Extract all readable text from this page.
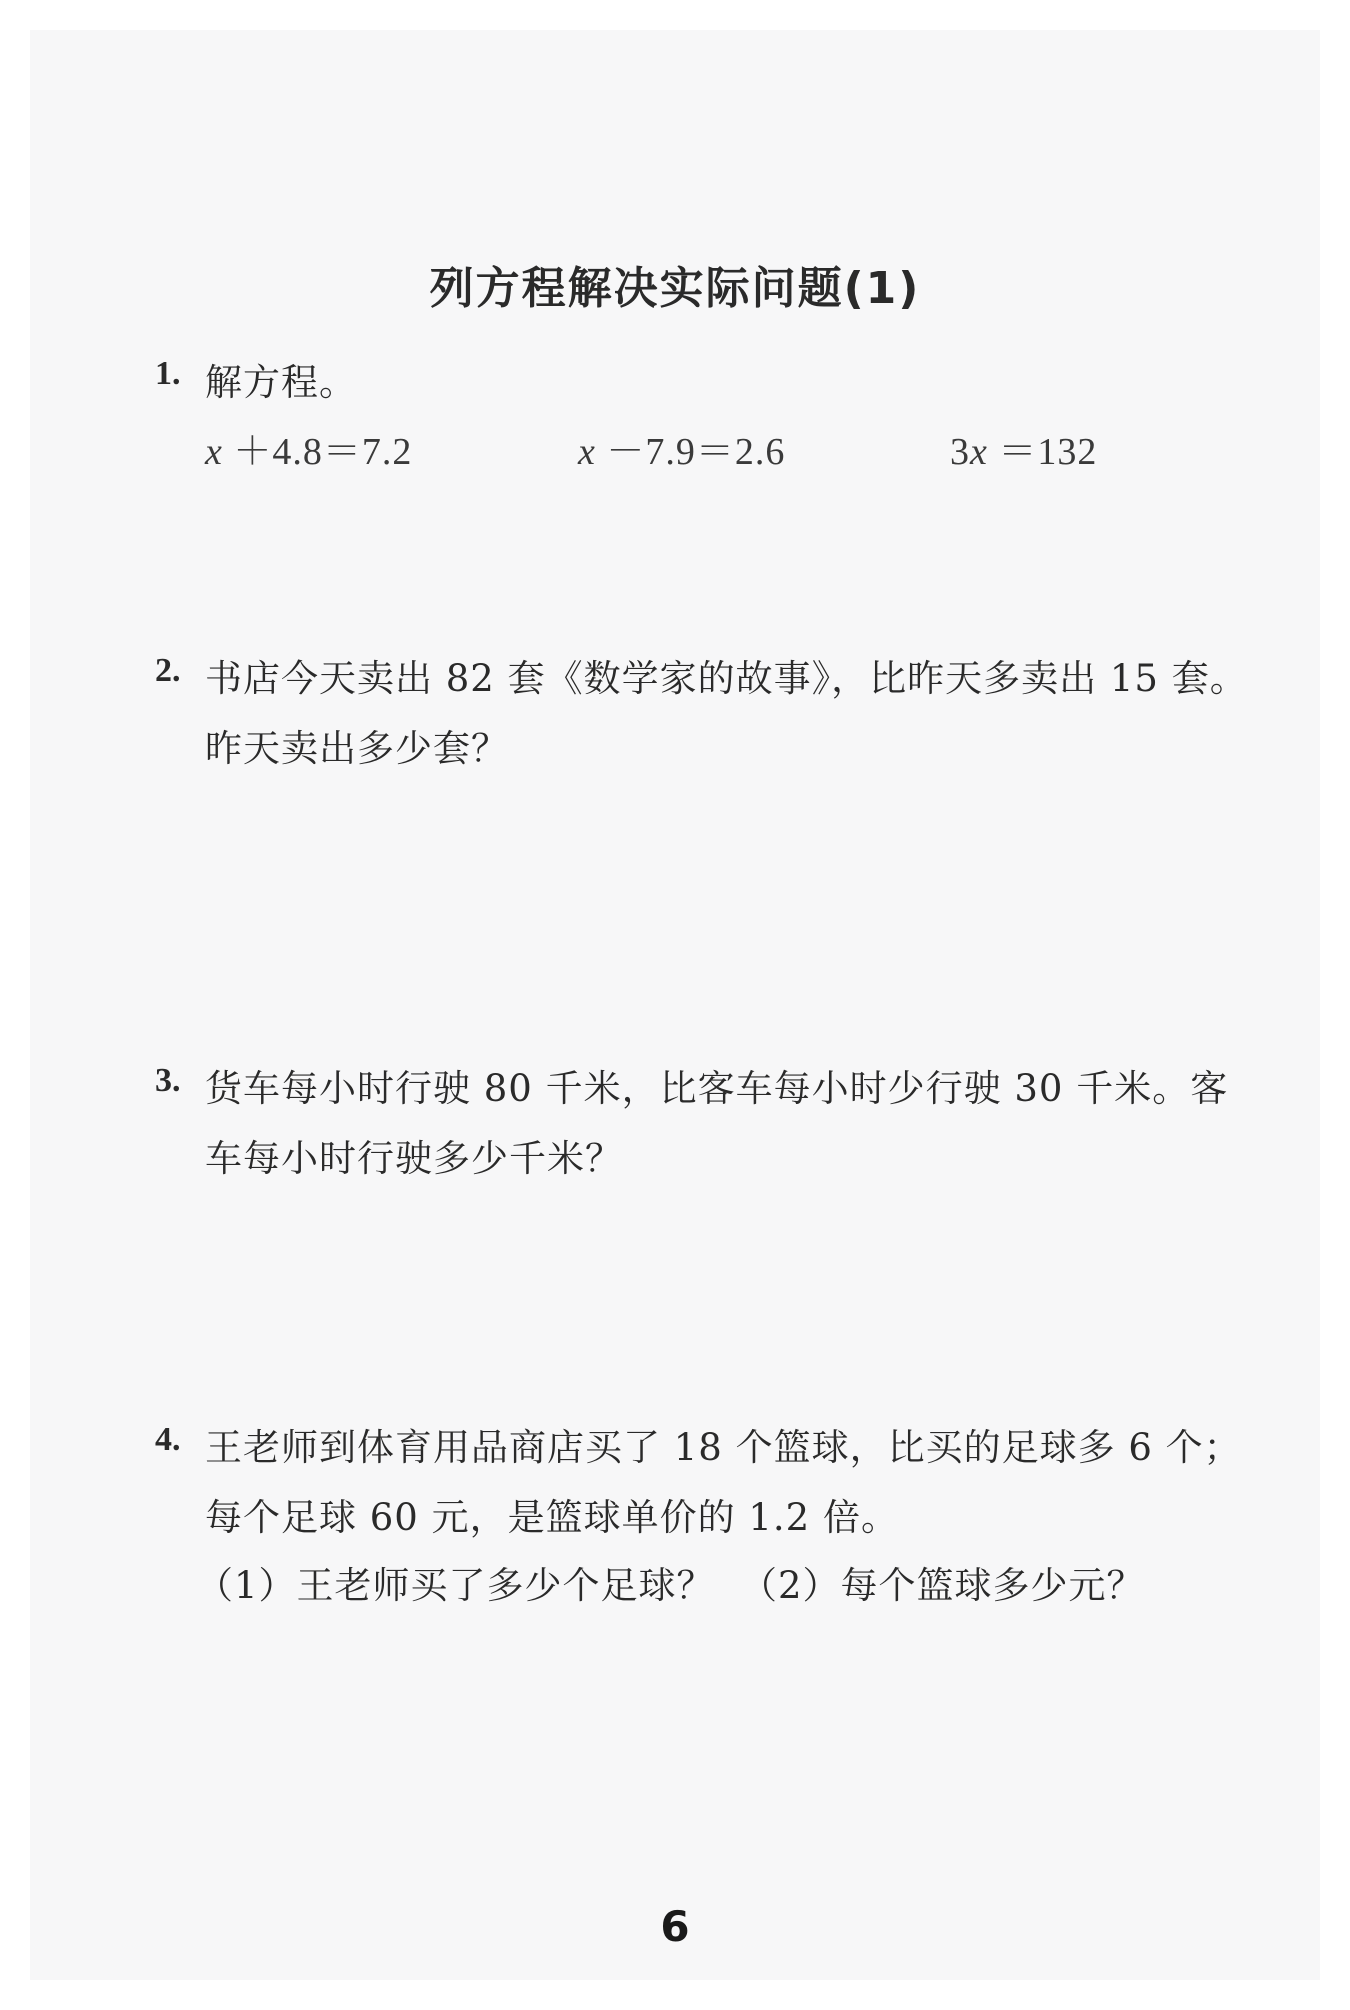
列方程解决实际问题(1)
1. 解方程。
x ＋4.8＝7.2	x －7.9＝2.6	3x ＝132
2. 书店今天卖出 82 套《数学家的故事》，比昨天多卖出 15 套。
昨天卖出多少套？
3. 货车每小时行驶 80 千米，比客车每小时少行驶 30 千米。客
车每小时行驶多少千米？
4. 王老师到体育用品商店买了 18 个篮球，比买的足球多 6 个；
每个足球 60 元，是篮球单价的 1.2 倍。
（1）王老师买了多少个足球？ （2）每个篮球多少元？
6
